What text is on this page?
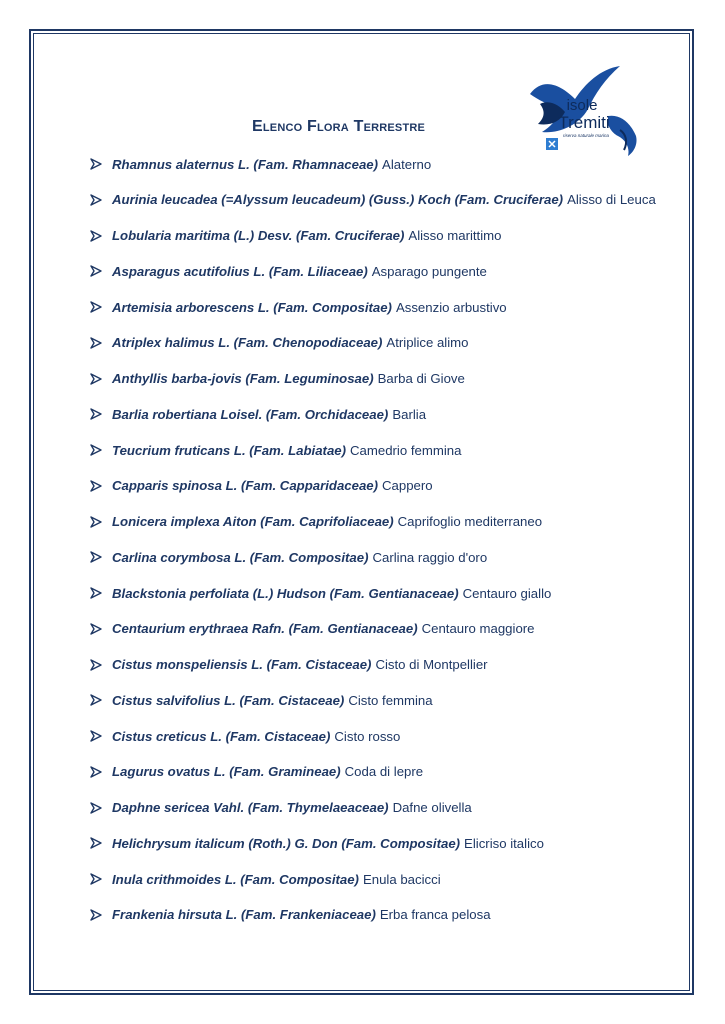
isole
Tremiti
riserva naturale marina
Elenco Flora Terrestre
Rhamnus alaternus L. (Fam. Rhamnaceae) Alaterno
Aurinia leucadea (=Alyssum leucadeum) (Guss.) Koch (Fam. Cruciferae) Alisso di Leuca
Lobularia maritima (L.) Desv. (Fam. Cruciferae) Alisso marittimo
Asparagus acutifolius L. (Fam. Liliaceae) Asparago pungente
Artemisia arborescens L. (Fam. Compositae) Assenzio arbustivo
Atriplex halimus L. (Fam. Chenopodiaceae) Atriplice alimo
Anthyllis barba-jovis (Fam. Leguminosae) Barba di Giove
Barlia robertiana Loisel. (Fam. Orchidaceae) Barlia
Teucrium fruticans L. (Fam. Labiatae) Camedrio femmina
Capparis spinosa L. (Fam. Capparidaceae) Cappero
Lonicera implexa Aiton (Fam. Caprifoliaceae) Caprifoglio mediterraneo
Carlina corymbosa L. (Fam. Compositae) Carlina raggio d'oro
Blackstonia perfoliata (L.) Hudson (Fam. Gentianaceae) Centauro giallo
Centaurium erythraea Rafn. (Fam. Gentianaceae) Centauro maggiore
Cistus monspeliensis L. (Fam. Cistaceae) Cisto di Montpellier
Cistus salvifolius L. (Fam. Cistaceae) Cisto femmina
Cistus creticus L. (Fam. Cistaceae) Cisto rosso
Lagurus ovatus L. (Fam. Gramineae) Coda di lepre
Daphne sericea Vahl. (Fam. Thymelaeaceae) Dafne olivella
Helichrysum italicum (Roth.) G. Don (Fam. Compositae) Elicriso italico
Inula crithmoides L. (Fam. Compositae) Enula bacicci
Frankenia hirsuta L. (Fam. Frankeniaceae) Erba franca pelosa
